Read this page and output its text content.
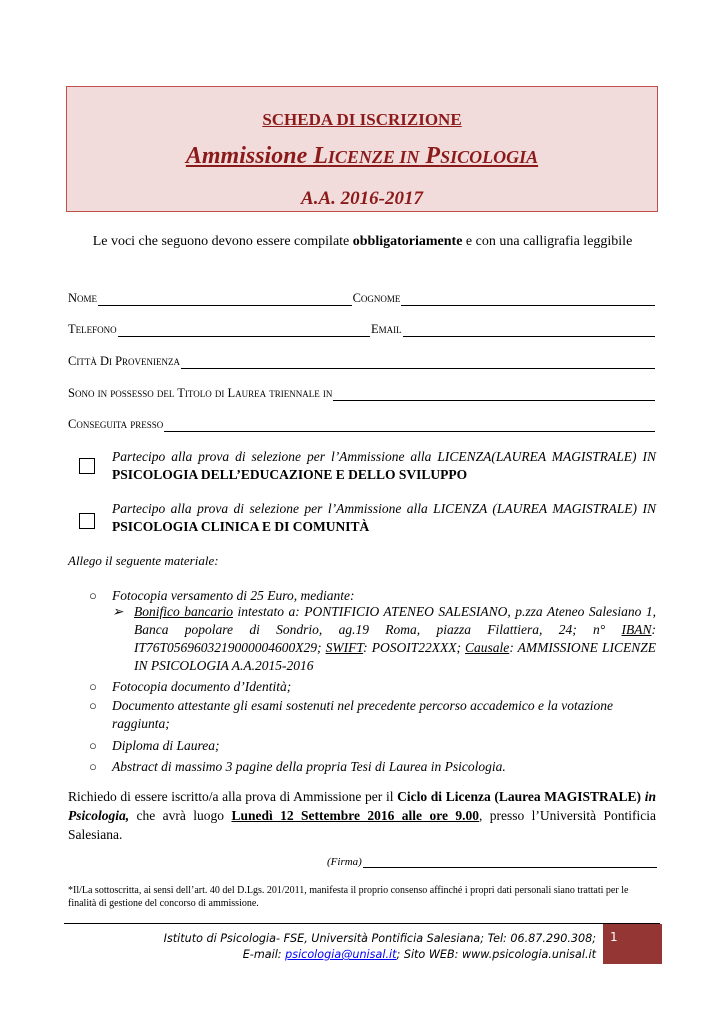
SCHEDA DI ISCRIZIONE
Ammissione LICENZE IN PSICOLOGIA
A.A. 2016-2017
Le voci che seguono devono essere compilate obbligatoriamente e con una calligrafia leggibile
Nome	Cognome
Telefono	Email
Città Di Provenienza
Sono in possesso del Titolo di Laurea triennale in
Conseguita presso
Partecipo alla prova di selezione per l’Ammissione alla LICENZA(LAUREA MAGISTRALE) IN PSICOLOGIA DELL’EDUCAZIONE E DELLO SVILUPPO
Partecipo alla prova di selezione per l’Ammissione alla LICENZA (LAUREA MAGISTRALE) IN PSICOLOGIA CLINICA E DI COMUNITÀ
Allego il seguente materiale:
○ Fotocopia versamento di 25 Euro, mediante:
➢ Bonifico bancario intestato a: PONTIFICIO ATENEO SALESIANO, p.zza Ateneo Salesiano 1, Banca popolare di Sondrio, ag.19 Roma, piazza Filattiera, 24; n° IBAN: IT76T0569603219000004600X29; SWIFT: POSOIT22XXX; Causale: AMMISSIONE LICENZE IN PSICOLOGIA A.A.2015-2016
○ Fotocopia documento d’Identità;
○ Documento attestante gli esami sostenuti nel precedente percorso accademico e la votazione raggiunta;
○ Diploma di Laurea;
○ Abstract di massimo 3 pagine della propria Tesi di Laurea in Psicologia.
Richiedo di essere iscritto/a alla prova di Ammissione per il Ciclo di Licenza (Laurea MAGISTRALE) in Psicologia, che avrà luogo Lunedì 12 Settembre 2016 alle ore 9.00, presso l’Università Pontificia Salesiana.
(Firma)
*Il/La sottoscritta, ai sensi dell’art. 40 del D.Lgs. 201/2011, manifesta il proprio consenso affinché i propri dati personali siano trattati per le finalità di gestione del concorso di ammissione.
Istituto di Psicologia- FSE, Università Pontificia Salesiana; Tel: 06.87.290.308;
E-mail: psicologia@unisal.it; Sito WEB: www.psicologia.unisal.it
1
